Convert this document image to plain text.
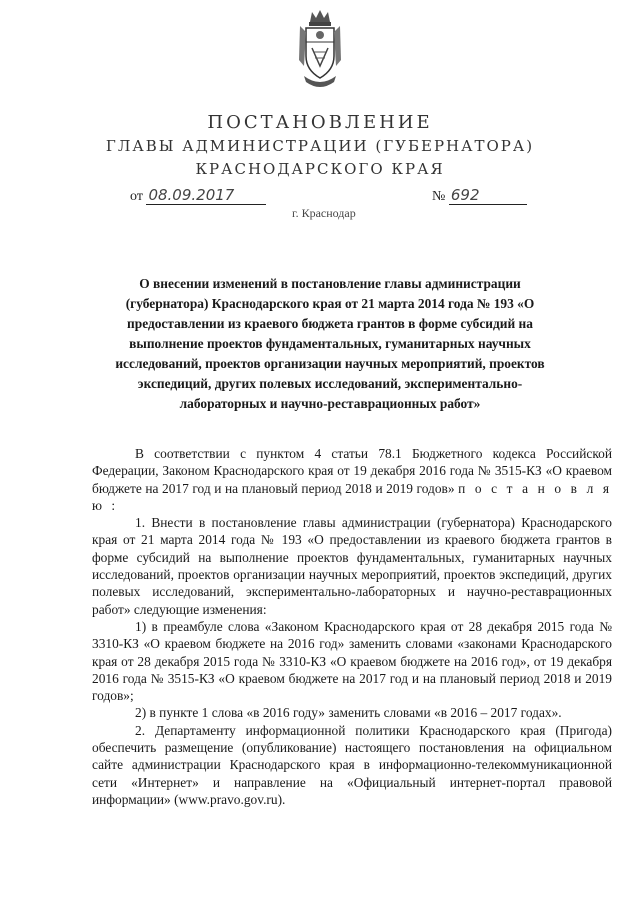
ПОСТАНОВЛЕНИЕ
ГЛАВЫ АДМИНИСТРАЦИИ (ГУБЕРНАТОРА)
КРАСНОДАРСКОГО КРАЯ
от 08.09.2017	№ 692
г. Краснодар
О внесении изменений в постановление главы администрации (губернатора) Краснодарского края от 21 марта 2014 года № 193 «О предоставлении из краевого бюджета грантов в форме субсидий на выполнение проектов фундаментальных, гуманитарных научных исследований, проектов организации научных мероприятий, проектов экспедиций, других полевых исследований, экспериментально-лабораторных и научно-реставрационных работ»

В соответствии с пунктом 4 статьи 78.1 Бюджетного кодекса Российской Федерации, Законом Краснодарского края от 19 декабря 2016 года № 3515-КЗ «О краевом бюджете на 2017 год и на плановый период 2018 и 2019 годов» п о с т а н о в л я ю :

1. Внести в постановление главы администрации (губернатора) Краснодарского края от 21 марта 2014 года № 193 «О предоставлении из краевого бюджета грантов в форме субсидий на выполнение проектов фундаментальных, гуманитарных научных исследований, проектов организации научных мероприятий, проектов экспедиций, других полевых исследований, экспериментально-лабораторных и научно-реставрационных работ» следующие изменения:

1) в преамбуле слова «Законом Краснодарского края от 28 декабря 2015 года № 3310-КЗ «О краевом бюджете на 2016 год» заменить словами «законами Краснодарского края от 28 декабря 2015 года № 3310-КЗ «О краевом бюджете на 2016 год», от 19 декабря 2016 года № 3515-КЗ «О краевом бюджете на 2017 год и на плановый период 2018 и 2019 годов»;

2) в пункте 1 слова «в 2016 году» заменить словами «в 2016 – 2017 годах».

2. Департаменту информационной политики Краснодарского края (Пригода) обеспечить размещение (опубликование) настоящего постановления на официальном сайте администрации Краснодарского края в информационно-телекоммуникационной сети «Интернет» и направление на «Официальный интернет-портал правовой информации» (www.pravo.gov.ru).
